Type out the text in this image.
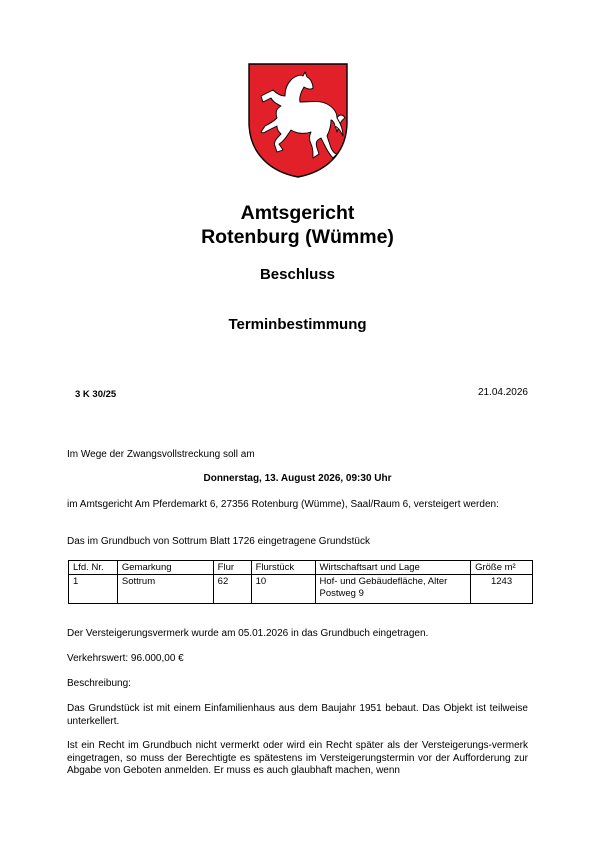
Amtsgericht
Rotenburg (Wümme)
Beschluss
Terminbestimmung
3 K 30/25	21.04.2026
Im Wege der Zwangsvollstreckung soll am
Donnerstag, 13. August 2026, 09:30 Uhr
im Amtsgericht Am Pferdemarkt 6, 27356 Rotenburg (Wümme), Saal/Raum 6, versteigert werden:
Das im Grundbuch von Sottrum Blatt 1726 eingetragene Grundstück
Lfd. Nr.	Gemarkung	Flur	Flurstück	Wirtschaftsart und Lage	Größe m²
1	Sottrum	62	10	Hof- und Gebäudefläche, Alter Postweg 9	1243
Der Versteigerungsvermerk wurde am 05.01.2026 in das Grundbuch eingetragen.
Verkehrswert: 96.000,00 €
Beschreibung:
Das Grundstück ist mit einem Einfamilienhaus aus dem Baujahr 1951 bebaut. Das Objekt ist teilweise unterkellert.
Ist ein Recht im Grundbuch nicht vermerkt oder wird ein Recht später als der Versteigerungs-vermerk eingetragen, so muss der Berechtigte es spätestens im Versteigerungstermin vor der Aufforderung zur Abgabe von Geboten anmelden. Er muss es auch glaubhaft machen, wenn
